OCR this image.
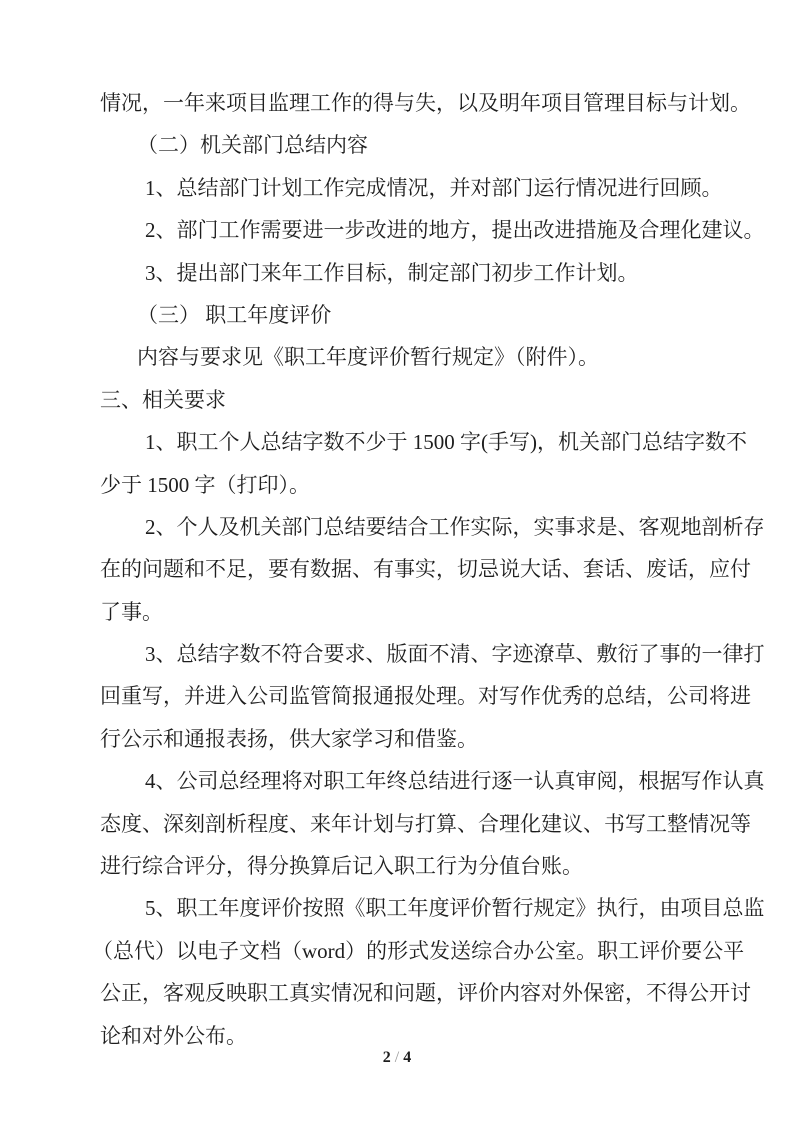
情况，一年来项目监理工作的得与失，以及明年项目管理目标与计划。
（二）机关部门总结内容
1、总结部门计划工作完成情况，并对部门运行情况进行回顾。
2、部门工作需要进一步改进的地方，提出改进措施及合理化建议。
3、提出部门来年工作目标，制定部门初步工作计划。
（三） 职工年度评价
内容与要求见《职工年度评价暂行规定》（附件）。
三、相关要求
1、职工个人总结字数不少于 1500 字(手写)，机关部门总结字数不
少于 1500 字（打印）。
2、个人及机关部门总结要结合工作实际，实事求是、客观地剖析存
在的问题和不足，要有数据、有事实，切忌说大话、套话、废话，应付
了事。
3、总结字数不符合要求、版面不清、字迹潦草、敷衍了事的一律打
回重写，并进入公司监管简报通报处理。对写作优秀的总结，公司将进
行公示和通报表扬，供大家学习和借鉴。
4、公司总经理将对职工年终总结进行逐一认真审阅，根据写作认真
态度、深刻剖析程度、来年计划与打算、合理化建议、书写工整情况等
进行综合评分，得分换算后记入职工行为分值台账。
5、职工年度评价按照《职工年度评价暂行规定》执行，由项目总监
（总代）以电子文档（word）的形式发送综合办公室。职工评价要公平
公正，客观反映职工真实情况和问题，评价内容对外保密，不得公开讨
论和对外公布。
2 / 4
